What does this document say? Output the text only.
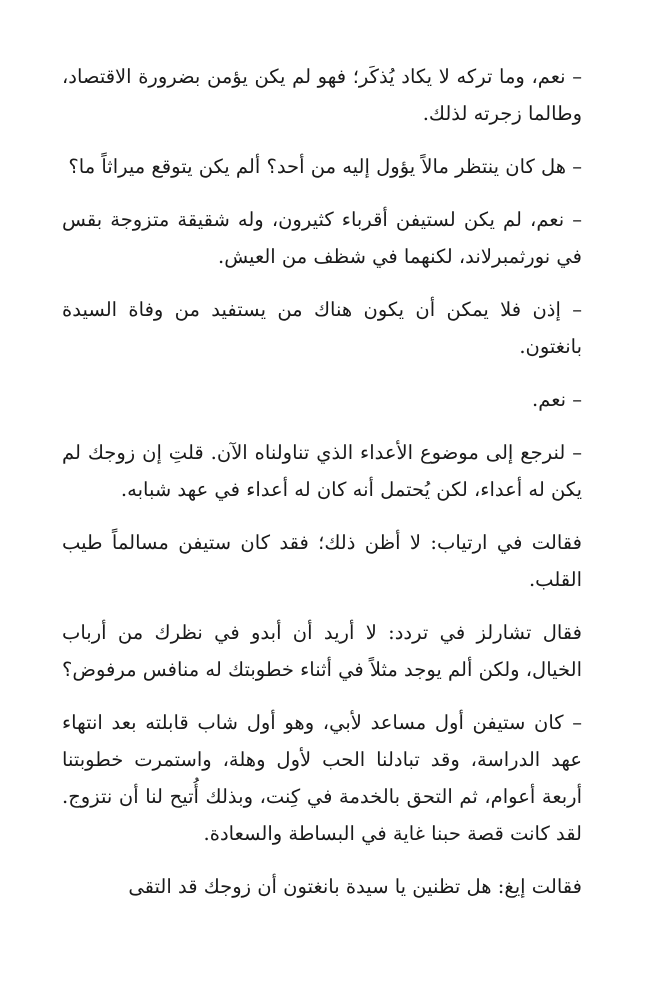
– نعم، وما تركه لا يكاد يُذكَر؛ فهو لم يكن يؤمن بضرورة الاقتصاد، وطالما زجرته لذلك.

– هل كان ينتظر مالاً يؤول إليه من أحد؟ ألم يكن يتوقع ميراثاً ما؟

– نعم، لم يكن لستيفن أقرباء كثيرون، وله شقيقة متزوجة بقس في نورثمبرلاند، لكنهما في شظف من العيش.

– إذن فلا يمكن أن يكون هناك من يستفيد من وفاة السيدة بانغتون.

– نعم.

– لنرجع إلى موضوع الأعداء الذي تناولناه الآن. قلتِ إن زوجك لم يكن له أعداء، لكن يُحتمل أنه كان له أعداء في عهد شبابه.

فقالت في ارتياب: لا أظن ذلك؛ فقد كان ستيفن مسالماً طيب القلب.

فقال تشارلز في تردد: لا أريد أن أبدو في نظرك من أرباب الخيال، ولكن ألم يوجد مثلاً في أثناء خطوبتك له منافس مرفوض؟

– كان ستيفن أول مساعد لأبي، وهو أول شاب قابلته بعد انتهاء عهد الدراسة، وقد تبادلنا الحب لأول وهلة، واستمرت خطوبتنا أربعة أعوام، ثم التحق بالخدمة في كِنت، وبذلك أُتيح لنا أن نتزوج. لقد كانت قصة حبنا غاية في البساطة والسعادة.

فقالت إيغ: هل تظنين يا سيدة بانغتون أن زوجك قد التقى
